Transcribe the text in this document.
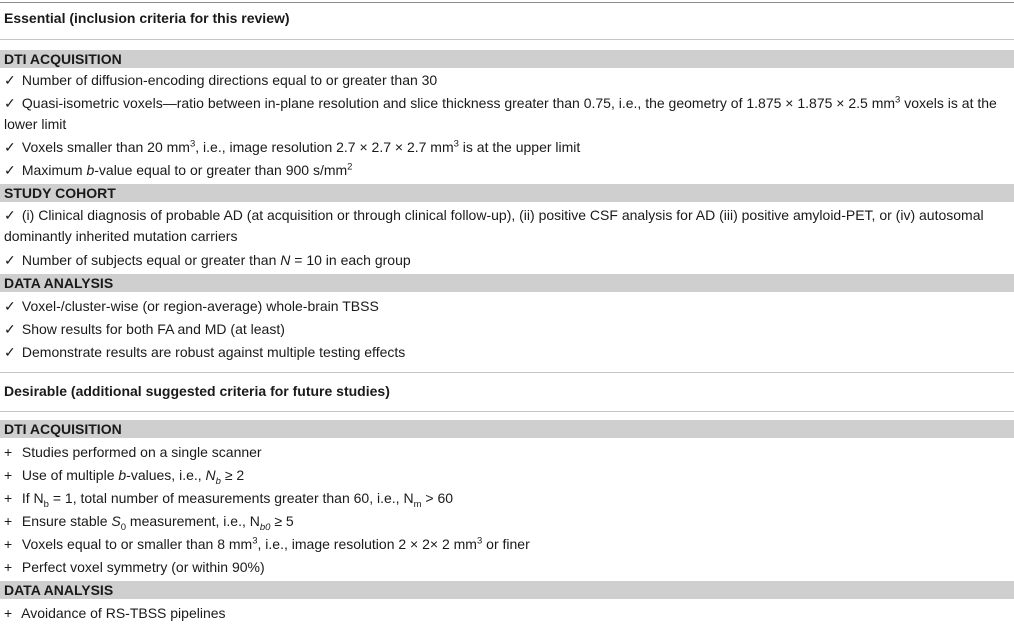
Essential (inclusion criteria for this review)
DTI ACQUISITION
✓ Number of diffusion-encoding directions equal to or greater than 30
✓ Quasi-isometric voxels—ratio between in-plane resolution and slice thickness greater than 0.75, i.e., the geometry of 1.875 × 1.875 × 2.5 $mm^3$ voxels is at the lower limit
✓ Voxels smaller than 20 $mm^3$, i.e., image resolution 2.7 × 2.7 × 2.7 $mm^3$ is at the upper limit
✓ Maximum b-value equal to or greater than 900 $s/mm^2$
STUDY COHORT
✓ (i) Clinical diagnosis of probable AD (at acquisition or through clinical follow-up), (ii) positive CSF analysis for AD (iii) positive amyloid-PET, or (iv) autosomal dominantly inherited mutation carriers
✓ Number of subjects equal or greater than N = 10 in each group
DATA ANALYSIS
✓ Voxel-/cluster-wise (or region-average) whole-brain TBSS
✓ Show results for both FA and MD (at least)
✓ Demonstrate results are robust against multiple testing effects
Desirable (additional suggested criteria for future studies)
DTI ACQUISITION
+ Studies performed on a single scanner
+ Use of multiple b-values, i.e., $N_b \ge 2$
+ If $N_b = 1$, total number of measurements greater than 60, i.e., $N_m > 60$
+ Ensure stable $S_0$ measurement, i.e., $N_{b0} \ge 5$
+ Voxels equal to or smaller than 8 $mm^3$, i.e., image resolution 2 × 2× 2 $mm^3$ or finer
+ Perfect voxel symmetry (or within 90%)
DATA ANALYSIS
+ Avoidance of RS-TBSS pipelines
